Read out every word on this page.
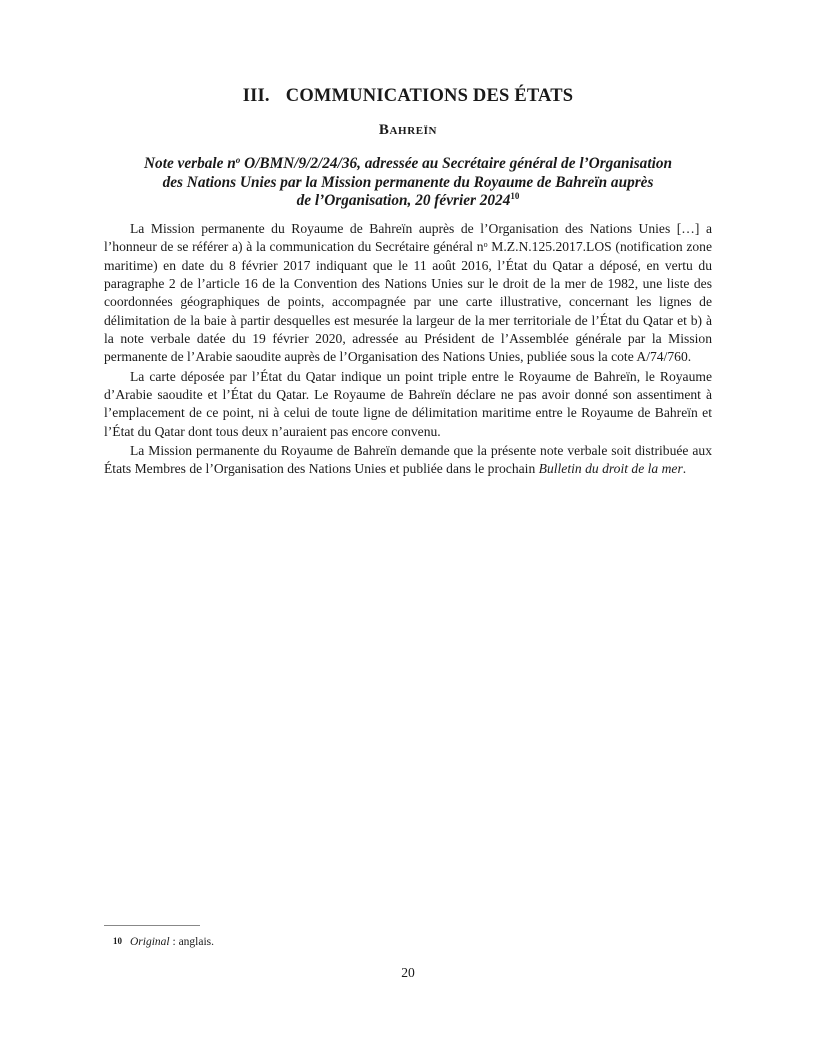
III. COMMUNICATIONS DES ÉTATS
Bahreïn
Note verbale $n^o$ O/BMN/9/2/24/36, adressée au Secrétaire général de l’Organisation
des Nations Unies par la Mission permanente du Royaume de Bahreïn auprès
de l’Organisation, 20 février 2024$^{10}$

La Mission permanente du Royaume de Bahreïn auprès de l’Organisation des Nations Unies […] a l’honneur de se référer a) à la communication du Secrétaire général $n^o$ M.Z.N.125.2017.LOS (notification zone maritime) en date du 8 février 2017 indiquant que le 11 août 2016, l’État du Qatar a déposé, en vertu du paragraphe 2 de l’article 16 de la Convention des Nations Unies sur le droit de la mer de 1982, une liste des coordonnées géographiques de points, accompagnée par une carte illustrative, concernant les lignes de délimitation de la baie à partir desquelles est mesurée la largeur de la mer territoriale de l’État du Qatar et b) à la note verbale datée du 19 février 2020, adressée au Président de l’Assemblée générale par la Mission permanente de l’Arabie saoudite auprès de l’Organisation des Nations Unies, publiée sous la cote A/74/760.

La carte déposée par l’État du Qatar indique un point triple entre le Royaume de Bahreïn, le Royaume d’Arabie saoudite et l’État du Qatar. Le Royaume de Bahreïn déclare ne pas avoir donné son assentiment à l’emplacement de ce point, ni à celui de toute ligne de délimitation maritime entre le Royaume de Bahreïn et l’État du Qatar dont tous deux n’auraient pas encore convenu.

La Mission permanente du Royaume de Bahreïn demande que la présente note verbale soit distribuée aux États Membres de l’Organisation des Nations Unies et publiée dans le prochain Bulletin du droit de la mer.

10 Original : anglais.
20
